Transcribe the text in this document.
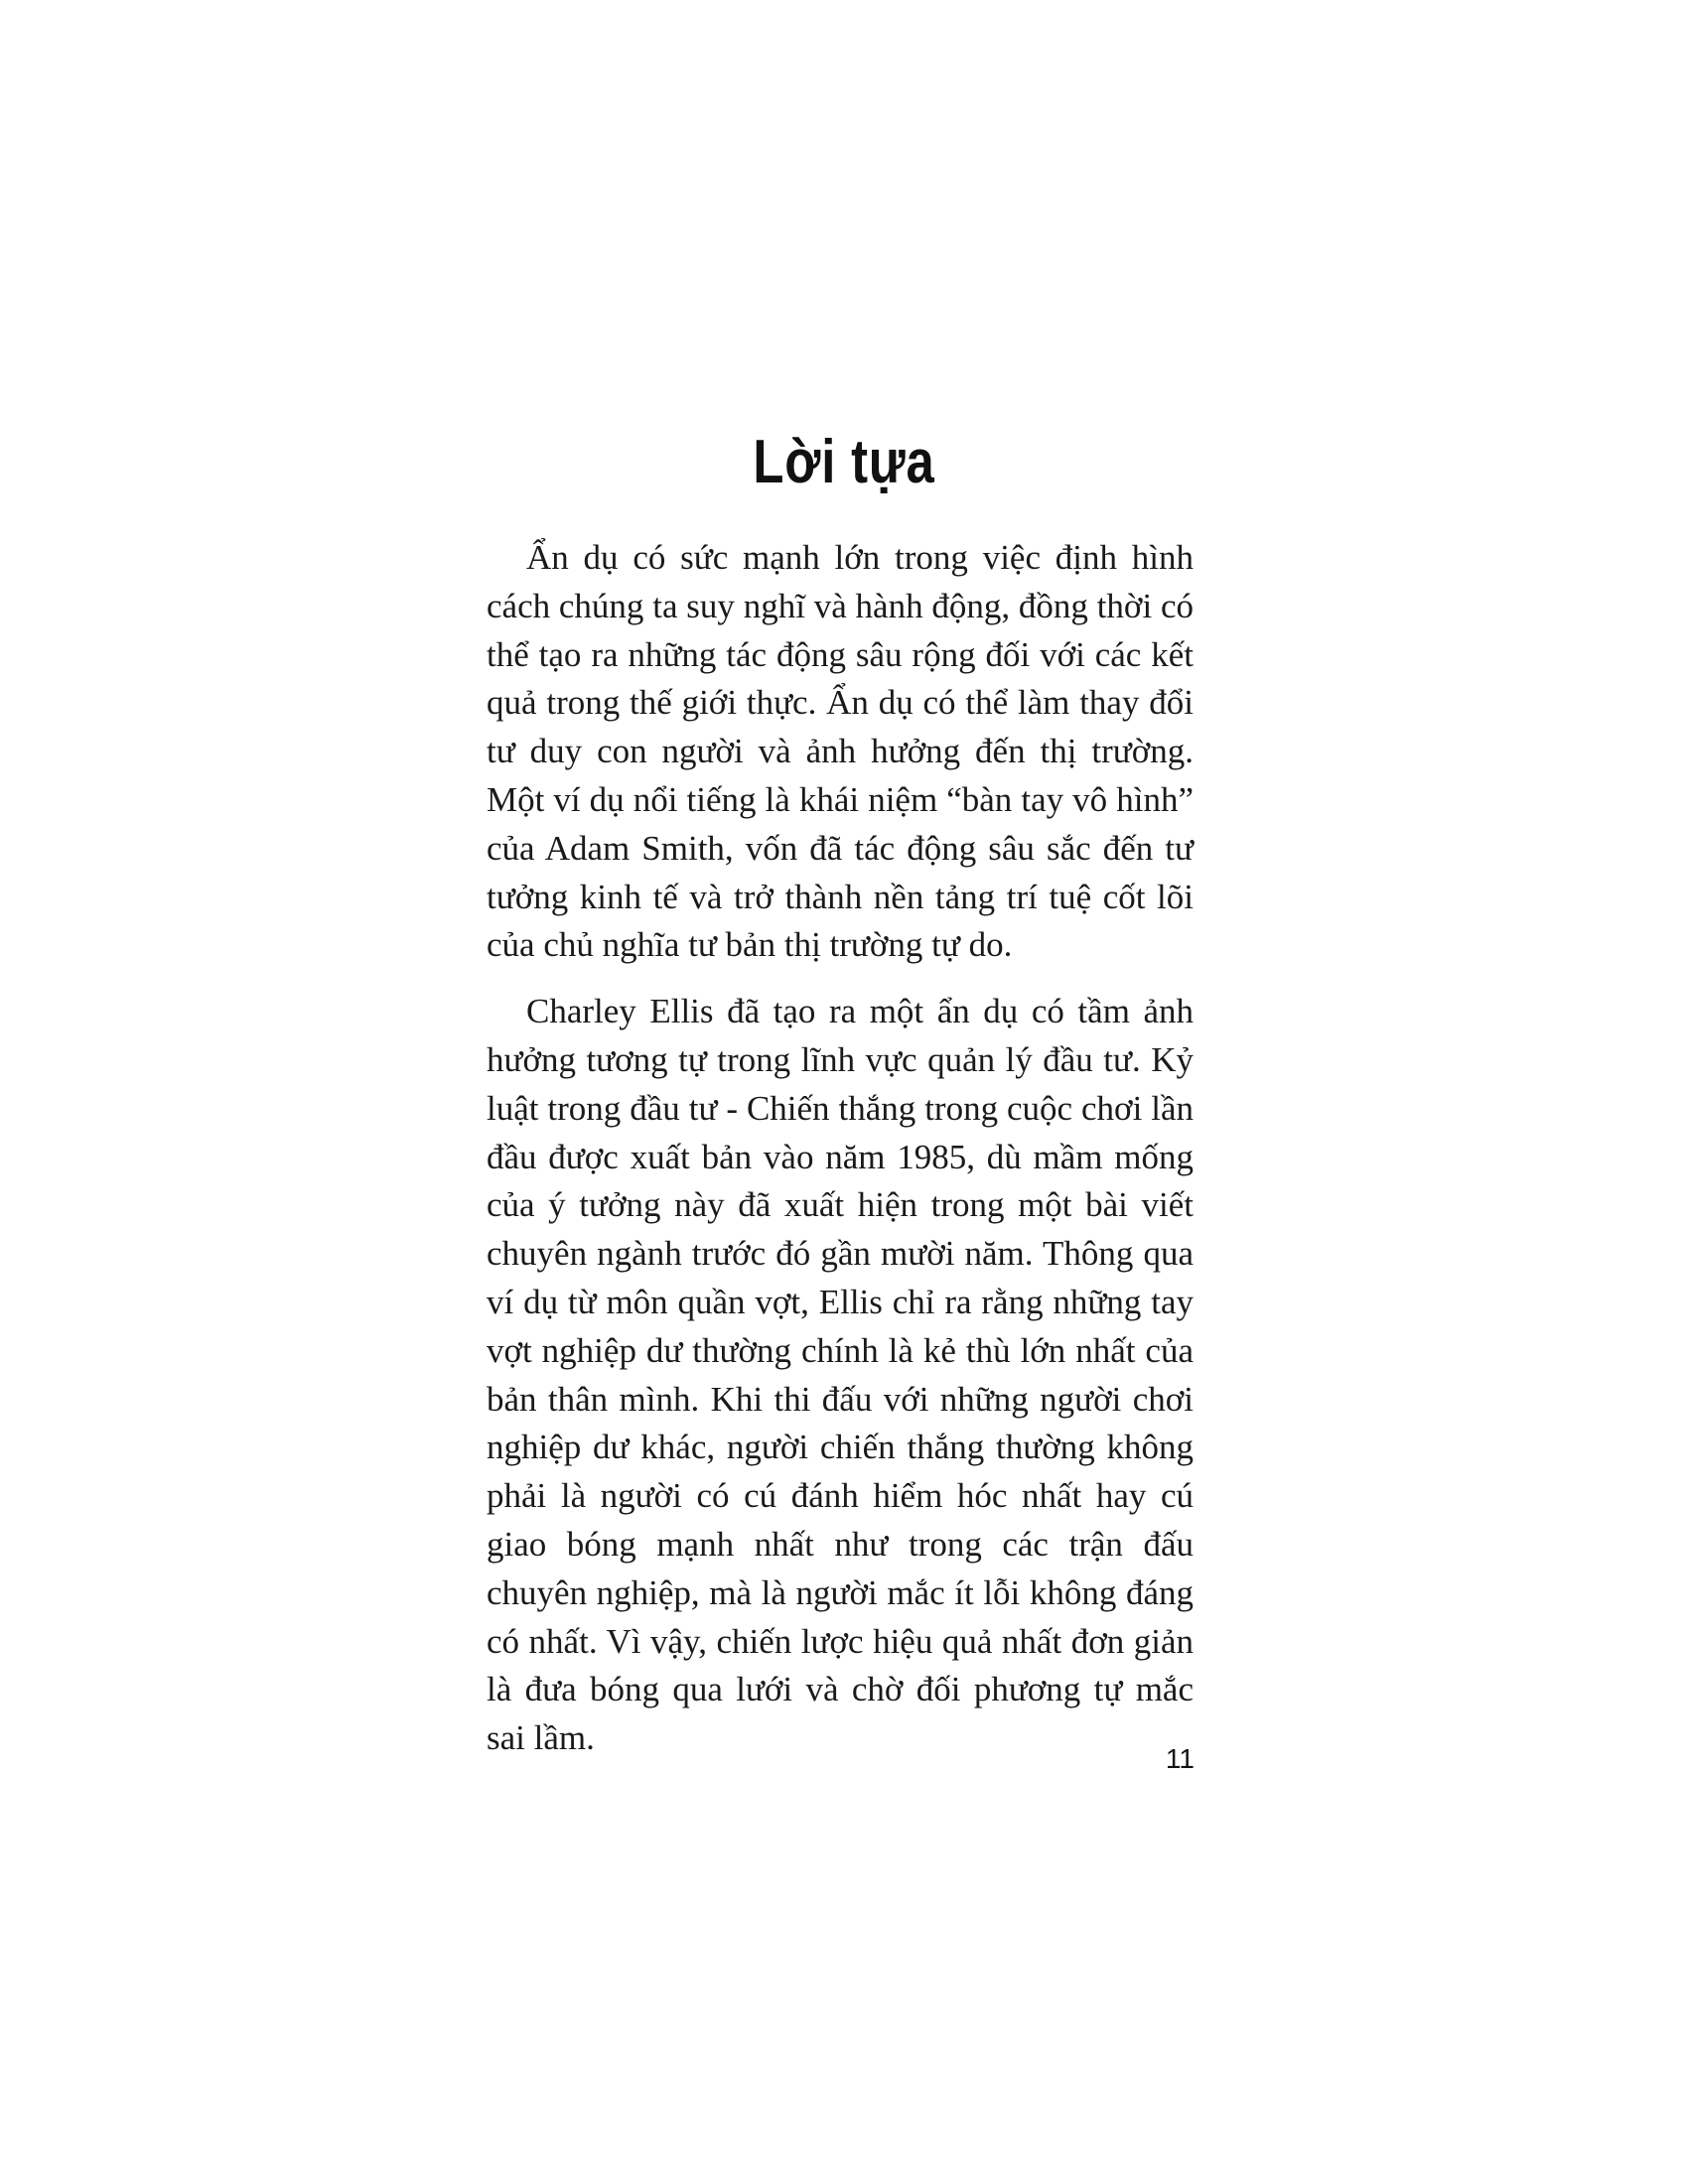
Lời tựa

Ẩn dụ có sức mạnh lớn trong việc định hình cách chúng ta suy nghĩ và hành động, đồng thời có thể tạo ra những tác động sâu rộng đối với các kết quả trong thế giới thực. Ẩn dụ có thể làm thay đổi tư duy con người và ảnh hưởng đến thị trường. Một ví dụ nổi tiếng là khái niệm “bàn tay vô hình” của Adam Smith, vốn đã tác động sâu sắc đến tư tưởng kinh tế và trở thành nền tảng trí tuệ cốt lõi của chủ nghĩa tư bản thị trường tự do.

Charley Ellis đã tạo ra một ẩn dụ có tầm ảnh hưởng tương tự trong lĩnh vực quản lý đầu tư. Kỷ luật trong đầu tư - Chiến thắng trong cuộc chơi lần đầu được xuất bản vào năm 1985, dù mầm mống của ý tưởng này đã xuất hiện trong một bài viết chuyên ngành trước đó gần mười năm. Thông qua ví dụ từ môn quần vợt, Ellis chỉ ra rằng những tay vợt nghiệp dư thường chính là kẻ thù lớn nhất của bản thân mình. Khi thi đấu với những người chơi nghiệp dư khác, người chiến thắng thường không phải là người có cú đánh hiểm hóc nhất hay cú giao bóng mạnh nhất như trong các trận đấu chuyên nghiệp, mà là người mắc ít lỗi không đáng có nhất. Vì vậy, chiến lược hiệu quả nhất đơn giản là đưa bóng qua lưới và chờ đối phương tự mắc sai lầm.

11
